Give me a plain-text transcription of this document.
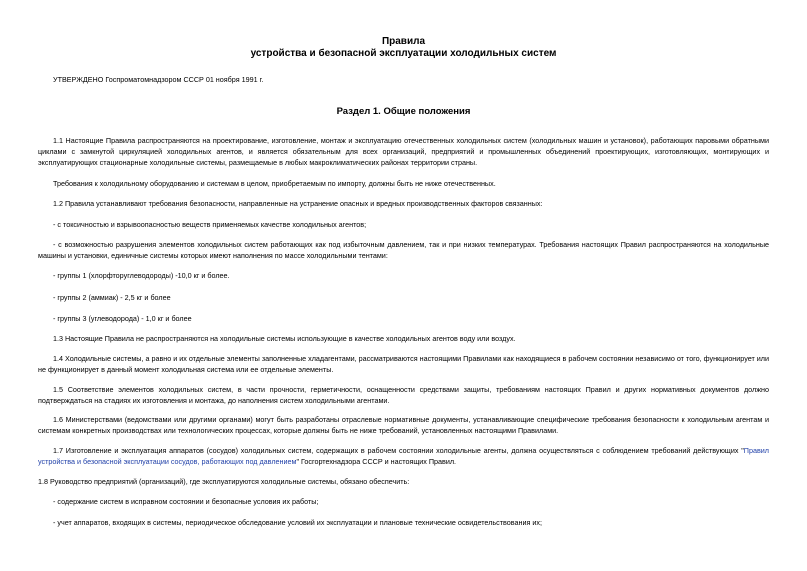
Правила
устройства и безопасной эксплуатации холодильных систем
УТВЕРЖДЕНО Госпроматомнадзором СССР 01 ноября 1991 г.
Раздел 1. Общие положения

1.1 Настоящие Правила распространяются на проектирование, изготовление, монтаж и эксплуатацию отечественных холодильных систем (холодильных машин и установок), работающих паровыми обратными циклами с замкнутой циркуляцией холодильных агентов, и является обязательным для всех организаций, предприятий и промышленных объединений проектирующих, изготовляющих, монтирующих и эксплуатирующих стационарные холодильные системы, размещаемые в любых макроклиматических районах территории страны.

Требования к холодильному оборудованию и системам в целом, приобретаемым по импорту, должны быть не ниже отечественных.

1.2 Правила устанавливают требования безопасности, направленные на устранение опасных и вредных производственных факторов связанных:

- с токсичностью и взрывоопасностью веществ применяемых качестве холодильных агентов;

- с возможностью разрушения элементов холодильных систем работающих как под избыточным давлением, так и при низких температурах. Требования настоящих Правил распространяются на холодильные машины и установки, единичные системы которых имеют наполнения по массе холодильными тентами:

- группы 1 (хлорфторуглеводороды) -10,0 кг и более.

- группы 2 (аммиак) - 2,5 кг и более

- группы 3 (углеводорода) - 1,0 кг и более

1.3 Настоящие Правила не распространяются на холодильные системы использующие в качестве холодильных агентов воду или воздух.

1.4 Холодильные системы, а равно и их отдельные элементы заполненные хладагентами, рассматриваются настоящими Правилами как находящиеся в рабочем состоянии независимо от того, функционирует или не функционирует в данный момент холодильная система или ее отдельные элементы.

1.5 Соответствие элементов холодильных систем, в части прочности, герметичности, оснащенности средствами защиты, требованиям настоящих Правил и других нормативных документов должно подтверждаться на стадиях их изготовления и монтажа, до наполнения систем холодильными агентами.

1.6 Министерствами (ведомствами или другими органами) могут быть разработаны отраслевые нормативные документы, устанавливающие специфические требования безопасности к холодильным агентам и системам конкретных производствах или технологических процессах, которые должны быть не ниже требований, установленных настоящими Правилами.

1.7 Изготовление и эксплуатация аппаратов (сосудов) холодильных систем, содержащих в рабочем состоянии холодильные агенты, должна осуществляться с соблюдением требований действующих "Правил устройства и безопасной эксплуатации сосудов, работающих под давлением" Госгортехнадзора СССР и настоящих Правил.

1.8 Руководство предприятий (организаций), где эксплуатируются холодильные системы, обязано обеспечить:

- содержание систем в исправном состоянии и безопасные условия их работы;

- учет аппаратов, входящих в системы, периодическое обследование условий их эксплуатации и плановые технические освидетельствования их;
